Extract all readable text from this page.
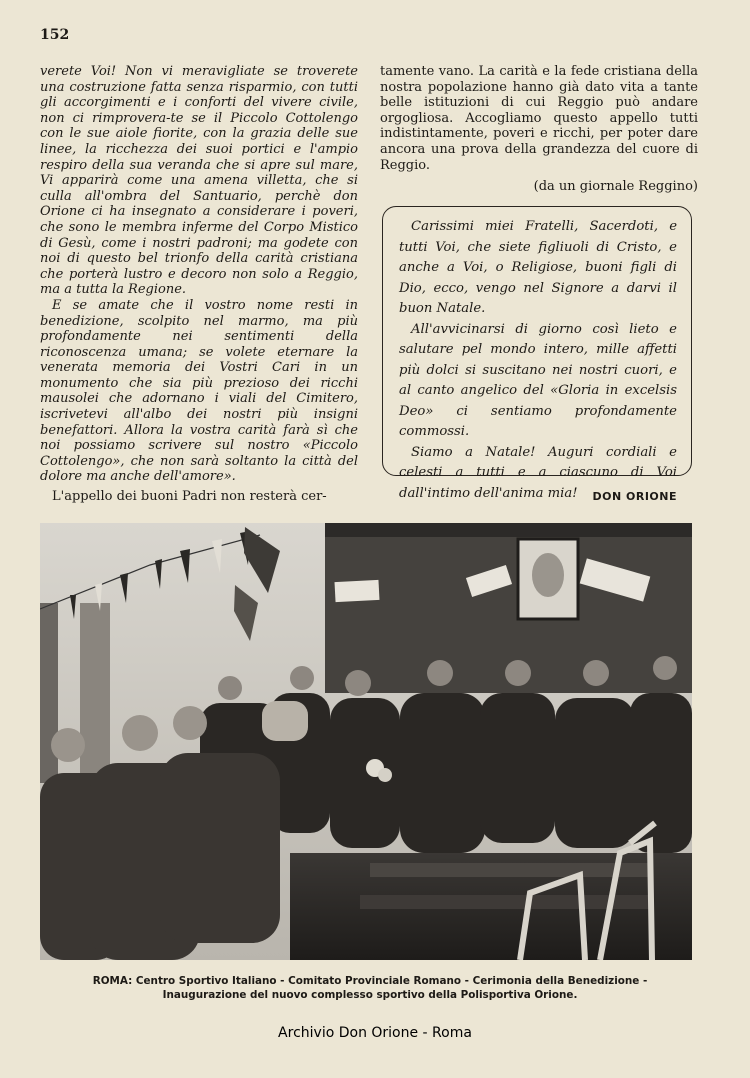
152

verete Voi! Non vi meravigliate se troverete una costruzione fatta senza risparmio, con tutti gli accorgimenti e i conforti del vivere civile, non ci rimprovera-te se il Piccolo Cottolengo con le sue aiole fiorite, con la grazia delle sue linee, la ricchezza dei suoi portici e l'ampio respiro della sua veranda che si apre sul mare, Vi apparirà come una amena villetta, che si culla all'ombra del Santuario, perchè don Orione ci ha insegnato a considerare i poveri, che sono le membra inferme del Corpo Mistico di Gesù, come i nostri padroni; ma godete con noi di questo bel trionfo della carità cristiana che porterà lustro e decoro non solo a Reggio, ma a tutta la Regione.

E se amate che il vostro nome resti in benedizione, scolpito nel marmo, ma più profondamente nei sentimenti della riconoscenza umana; se volete eternare la venerata memoria dei Vostri Cari in un monumento che sia più prezioso dei ricchi mausolei che adornano i viali del Cimitero, iscrivetevi all'albo dei nostri più insigni benefattori. Allora la vostra carità farà sì che noi possiamo scrivere sul nostro «Piccolo Cottolengo», che non sarà soltanto la città del dolore ma anche dell'amore».

L'appello dei buoni Padri non resterà cer-

tamente vano. La carità e la fede cristiana della nostra popolazione hanno già dato vita a tante belle istituzioni di cui Reggio può andare orgogliosa. Accogliamo questo appello tutti indistintamente, poveri e ricchi, per poter dare ancora una prova della grandezza del cuore di Reggio.

(da un giornale Reggino)

Carissimi miei Fratelli, Sacerdoti, e tutti Voi, che siete figliuoli di Cristo, e anche a Voi, o Religiose, buoni figli di Dio, ecco, vengo nel Signore a darvi il buon Natale.

All'avvicinarsi di giorno così lieto e salutare pel mondo intero, mille affetti più dolci si suscitano nei nostri cuori, e al canto angelico del «Gloria in excelsis Deo» ci sentiamo profondamente commossi.

Siamo a Natale! Auguri cordiali e celesti a tutti e a ciascuno di Voi dall'intimo dell'anima mia!	DON ORIONE

ROMA: Centro Sportivo Italiano - Comitato Provinciale Romano - Cerimonia della Benedizione -

Inaugurazione del nuovo complesso sportivo della Polisportiva Orione.

Archivio Don Orione - Roma
